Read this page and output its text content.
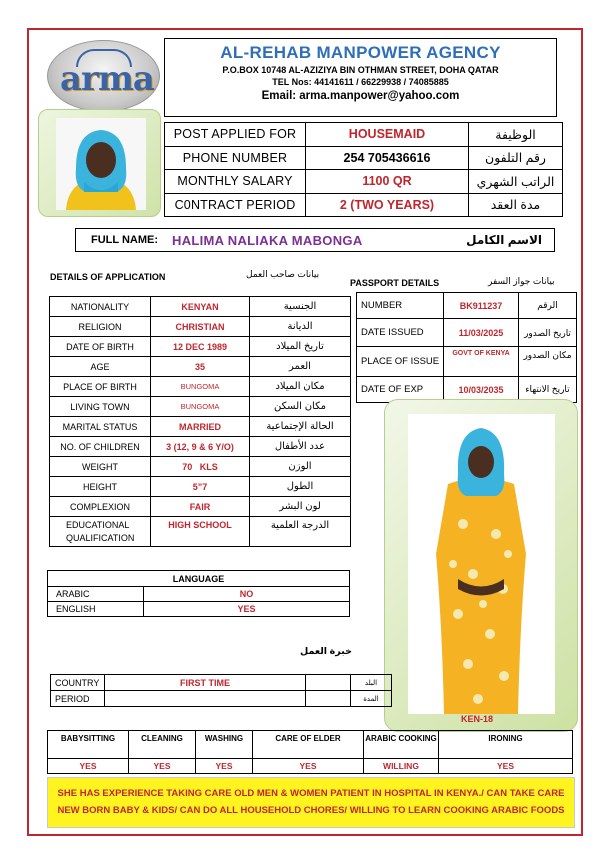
arma
AL-REHAB MANPOWER AGENCY
P.O.BOX 10748 AL-AZIZIYA BIN OTHMAN STREET, DOHA QATAR
TEL Nos: 44141611 / 66229938 / 74085885
Email: arma.manpower@yahoo.com
POST APPLIED FOR	HOUSEMAID	الوظيفة
PHONE NUMBER	254 705436616	رقم التلفون
MONTHLY SALARY	1100 QR	الراتب الشهري
C0NTRACT PERIOD	2 (TWO YEARS)	مدة العقد
FULL NAME: HALIMA NALIAKA MABONGA	الاسم الكامل
DETAILS OF APPLICATION	بيانات صاحب العمل
NATIONALITY	KENYAN	الجنسية
RELIGION	CHRISTIAN	الديانة
DATE OF BIRTH	12 DEC 1989	تاريخ الميلاد
AGE	35	العمر
PLACE OF BIRTH	BUNGOMA	مكان الميلاد
LIVING TOWN	BUNGOMA	مكان السكن
MARITAL STATUS	MARRIED	الحالة الإجتماعية
NO. OF CHILDREN	3 (12, 9 & 6 Y/O)	عدد الأطفال
WEIGHT	70   KLS	الوزن
HEIGHT	5”7	الطول
COMPLEXION	FAIR	لون البشر
EDUCATIONAL QUALIFICATION	HIGH SCHOOL	الدرجة العلمية
PASSPORT DETAILS	بيانات جواز السفر
NUMBER	BK911237	الرقم
DATE ISSUED	11/03/2025	تاريخ الصدور
PLACE OF ISSUE	GOVT OF KENYA	مكان الصدور
DATE OF EXP	10/03/2035	تاريخ الانتهاء
KEN-18
LANGUAGE	
ARABIC	NO
ENGLISH	YES
خبرة العمل
COUNTRY	FIRST TIME		البلد
PERIOD			المدة
BABYSITTING	CLEANING	WASHING	CARE OF ELDER	ARABIC COOKING	IRONING
YES	YES	YES	YES	WILLING	YES
SHE HAS EXPERIENCE TAKING CARE OLD MEN & WOMEN PATIENT IN HOSPITAL IN KENYA./ CAN TAKE CARE NEW BORN BABY & KIDS/ CAN DO ALL HOUSEHOLD CHORES/ WILLING TO LEARN COOKING ARABIC FOODS
